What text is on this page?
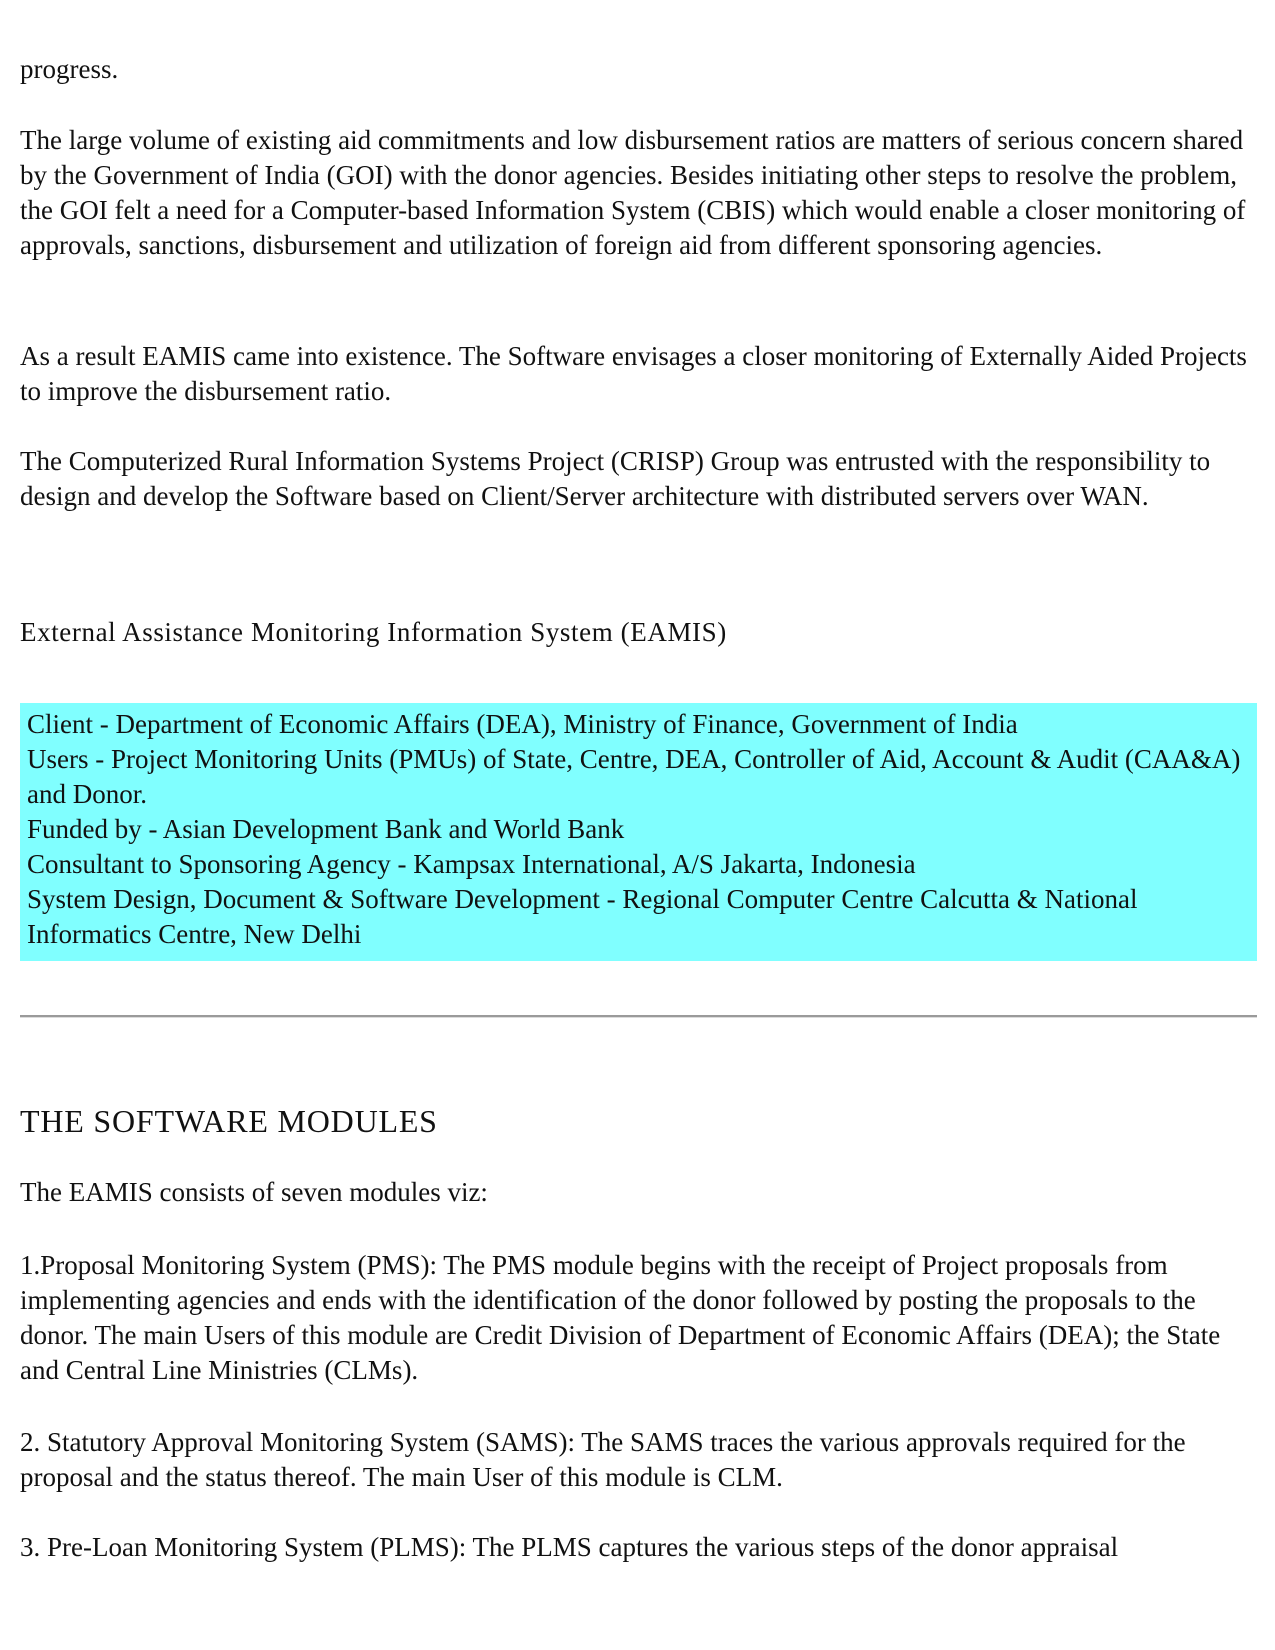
progress.

The large volume of existing aid commitments and low disbursement ratios are matters of serious concern shared by the Government of India (GOI) with the donor agencies. Besides initiating other steps to resolve the problem, the GOI felt a need for a Computer-based Information System (CBIS) which would enable a closer monitoring of approvals, sanctions, disbursement and utilization of foreign aid from different sponsoring agencies.

As a result EAMIS came into existence. The Software envisages a closer monitoring of Externally Aided Projects to improve the disbursement ratio.

The Computerized Rural Information Systems Project (CRISP) Group was entrusted with the responsibility to design and develop the Software based on Client/Server architecture with distributed servers over WAN.

External Assistance Monitoring Information System (EAMIS)

Client - Department of Economic Affairs (DEA), Ministry of Finance, Government of India
Users - Project Monitoring Units (PMUs) of State, Centre, DEA, Controller of Aid, Account & Audit (CAA&A) and Donor.
Funded by - Asian Development Bank and World Bank
Consultant to Sponsoring Agency - Kampsax International, A/S Jakarta, Indonesia
System Design, Document & Software Development - Regional Computer Centre Calcutta & National Informatics Centre, New Delhi
THE SOFTWARE MODULES

The EAMIS consists of seven modules viz:

1.Proposal Monitoring System (PMS): The PMS module begins with the receipt of Project proposals from implementing agencies and ends with the identification of the donor followed by posting the proposals to the donor. The main Users of this module are Credit Division of Department of Economic Affairs (DEA); the State and Central Line Ministries (CLMs).

2. Statutory Approval Monitoring System (SAMS): The SAMS traces the various approvals required for the proposal and the status thereof. The main User of this module is CLM.

3. Pre-Loan Monitoring System (PLMS): The PLMS captures the various steps of the donor appraisal
